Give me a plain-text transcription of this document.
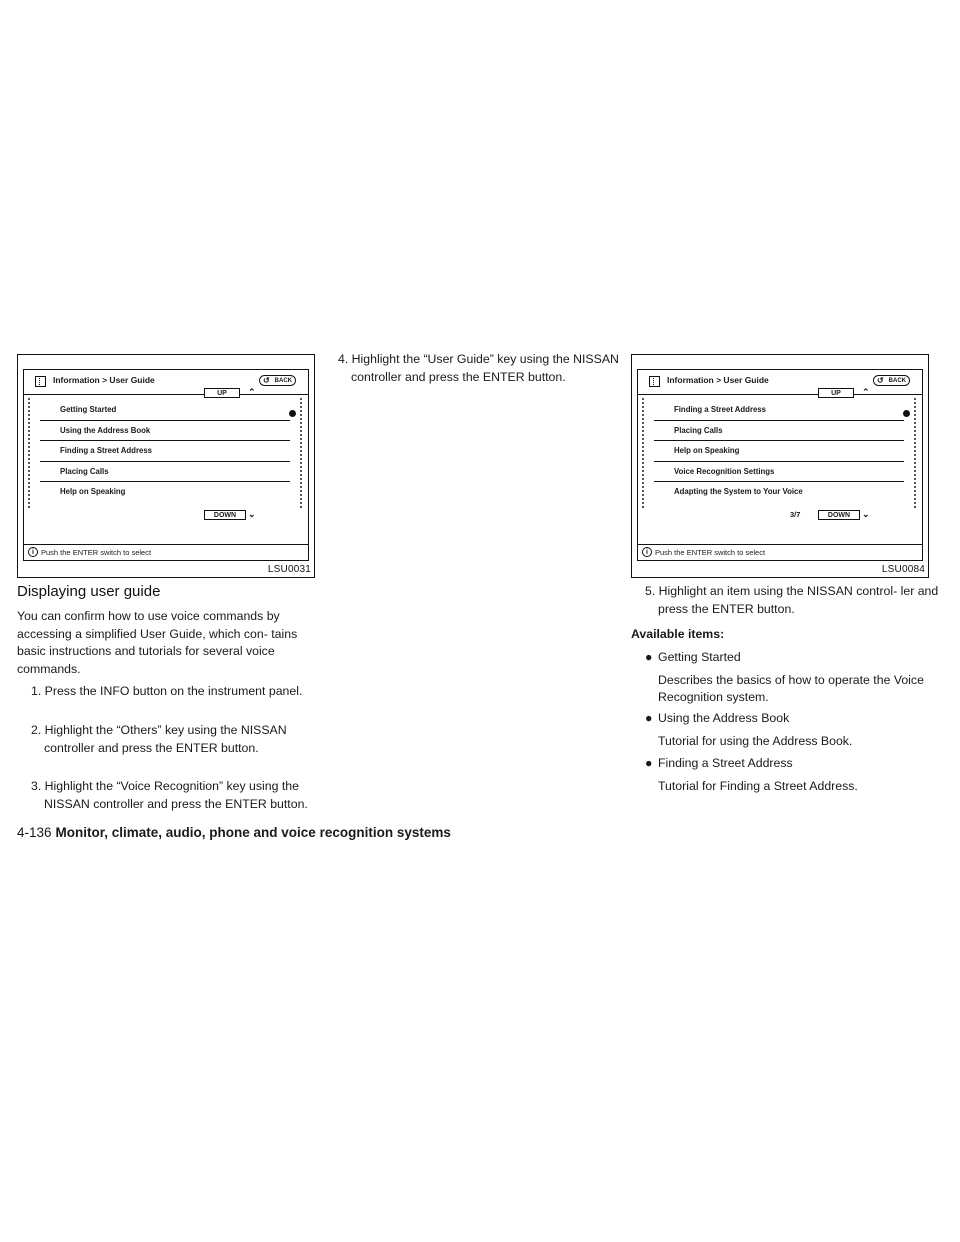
Information > User Guide	↺ BACK
UP	⌃
Getting Started
Using the Address Book
Finding a Street Address
Placing Calls
Help on Speaking
DOWN	⌄
i Push the ENTER switch to select
LSU0031
Information > User Guide	↺ BACK
UP	⌃
Finding a Street Address
Placing Calls
Help on Speaking
Voice Recognition Settings
Adapting the System to Your Voice
3/7	DOWN	⌄
i Push the ENTER switch to select
LSU0084
Displaying user guide
You can confirm how to use voice commands by accessing a simplified User Guide, which con- tains basic instructions and tutorials for several voice commands.
1. Press the INFO button on the instrument panel.
2. Highlight the “Others” key using the NISSAN controller and press the ENTER button.
3. Highlight the “Voice Recognition” key using the NISSAN controller and press the ENTER button.
4. Highlight the “User Guide” key using the NISSAN controller and press the ENTER button.
5. Highlight an item using the NISSAN control- ler and press the ENTER button.
Available items:
● Getting Started
Describes the basics of how to operate the Voice Recognition system.
● Using the Address Book
Tutorial for using the Address Book.
● Finding a Street Address
Tutorial for Finding a Street Address.
4-136 Monitor, climate, audio, phone and voice recognition systems
